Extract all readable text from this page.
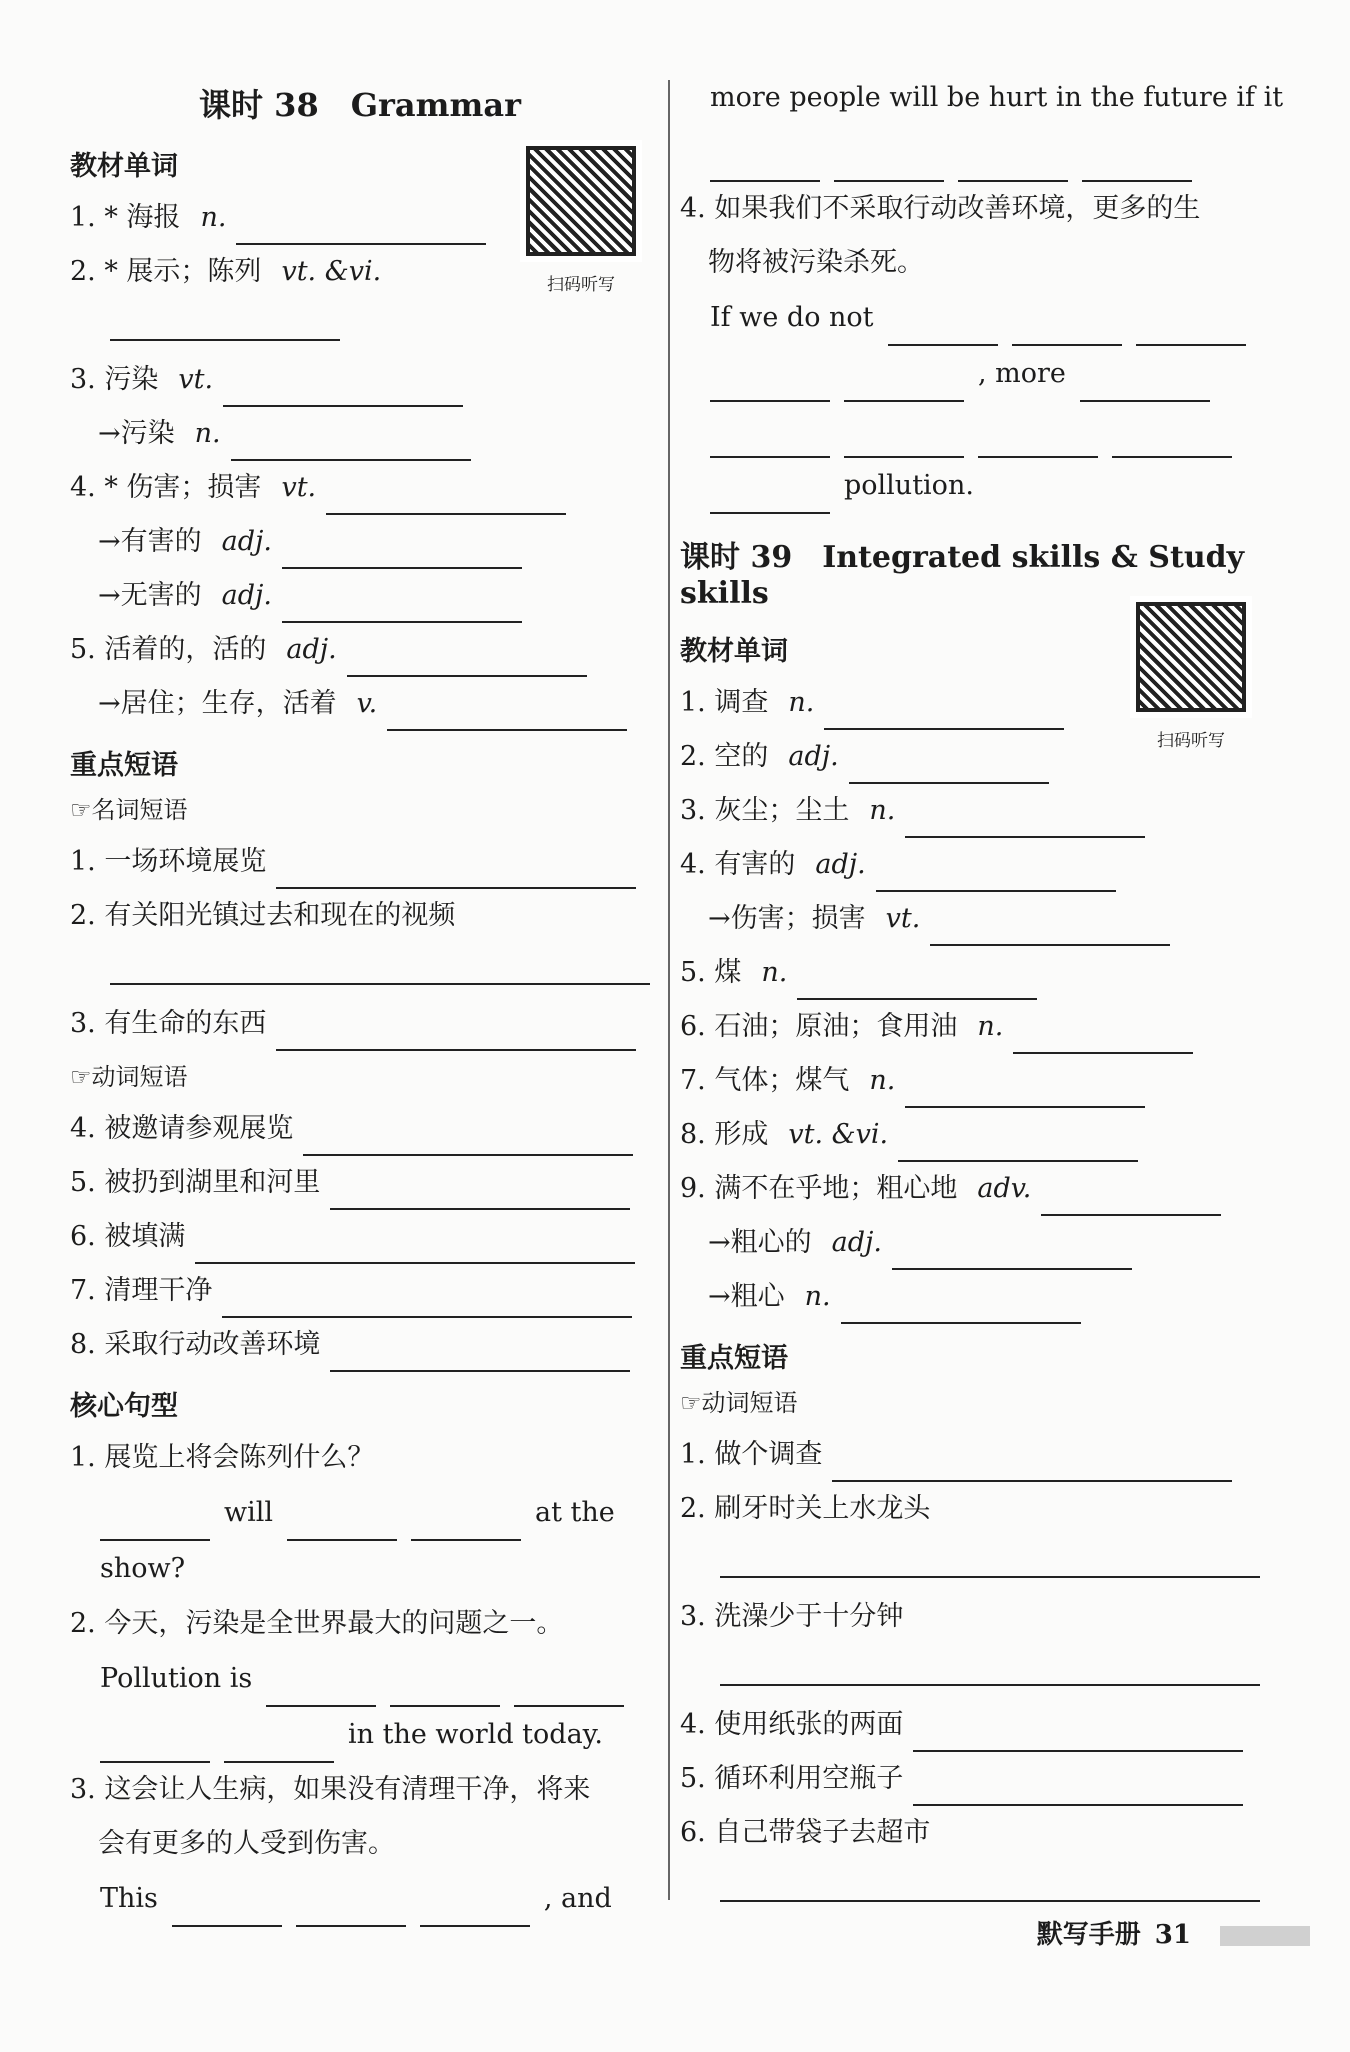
课时 38　Grammar
教材单词
1. * 海报 n.
2. * 展示；陈列 vt. &vi.
3. 污染 vt.
→污染 n.
4. * 伤害；损害 vt.
→有害的 adj.
→无害的 adj.
5. 活着的，活的 adj.
→居住；生存，活着 v.
重点短语
☞名词短语
1. 一场环境展览
2. 有关阳光镇过去和现在的视频
3. 有生命的东西
☞动词短语
4. 被邀请参观展览
5. 被扔到湖里和河里
6. 被填满
7. 清理干净
8. 采取行动改善环境
核心句型
1. 展览上将会陈列什么？
will	at the
show?
2. 今天，污染是全世界最大的问题之一。
Pollution is
in the world today.
3. 这会让人生病，如果没有清理干净，将来
会有更多的人受到伤害。
This	, and
扫码听写
more people will be hurt in the future if it
4. 如果我们不采取行动改善环境，更多的生
物将被污染杀死。
If we do not
, more
pollution.
课时 39　Integrated skills & Study skills
教材单词
1. 调查 n.
2. 空的 adj.
3. 灰尘；尘土 n.
4. 有害的 adj.
→伤害；损害 vt.
5. 煤 n.
6. 石油；原油；食用油 n.
7. 气体；煤气 n.
8. 形成 vt. &vi.
9. 满不在乎地；粗心地 adv.
→粗心的 adj.
→粗心 n.
重点短语
☞动词短语
1. 做个调查
2. 刷牙时关上水龙头
3. 洗澡少于十分钟
4. 使用纸张的两面
5. 循环利用空瓶子
6. 自己带袋子去超市
扫码听写
默写手册 31
